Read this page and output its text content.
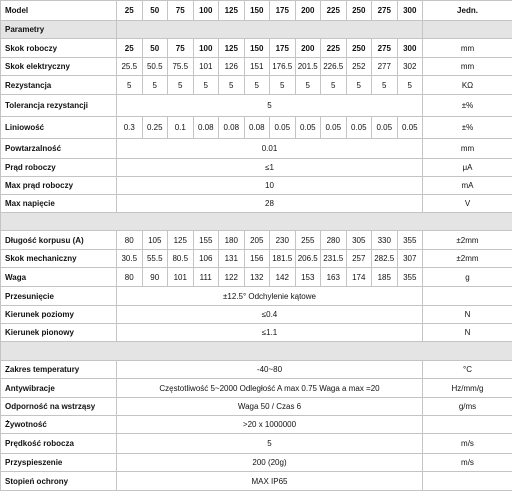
Model	25	50	75	100	125	150	175	200	225	250	275	300	Jedn.
Parametry													
Skok roboczy	25	50	75	100	125	150	175	200	225	250	275	300	mm
Skok elektryczny	25.5	50.5	75.5	101	126	151	176.5	201.5	226.5	252	277	302	mm
Rezystancja	5	5	5	5	5	5	5	5	5	5	5	5	KΩ
Tolerancja rezystancji	5												±%
Liniowość	0.3	0.25	0.1	0.08	0.08	0.08	0.05	0.05	0.05	0.05	0.05	0.05	±%
Powtarzalność	0.01												mm
Prąd roboczy	≤1												μA
Max prąd roboczy	10												mA
Max napięcie	28												V

Długość korpusu (A)	80	105	125	155	180	205	230	255	280	305	330	355	±2mm
Skok mechaniczny	30.5	55.5	80.5	106	131	156	181.5	206.5	231.5	257	282.5	307	±2mm
Waga	80	90	101	111	122	132	142	153	163	174	185	355	g
Przesunięcie	±12.5° Odchylenie kątowe												
Kierunek poziomy	≤0.4												N
Kierunek pionowy	≤1.1												N

Zakres temperatury	-40~80												°C
Antywibracje	Częstotliwość 5~2000 Odległość A max 0.75 Waga a max =20												Hz/mm/g
Odporność na wstrząsy	Waga 50 / Czas 6												g/ms
Żywotność	>20 x 1000000												
Prędkość robocza	5												m/s
Przyspieszenie	200 (20g)												m/s
Stopień ochrony	MAX IP65												
